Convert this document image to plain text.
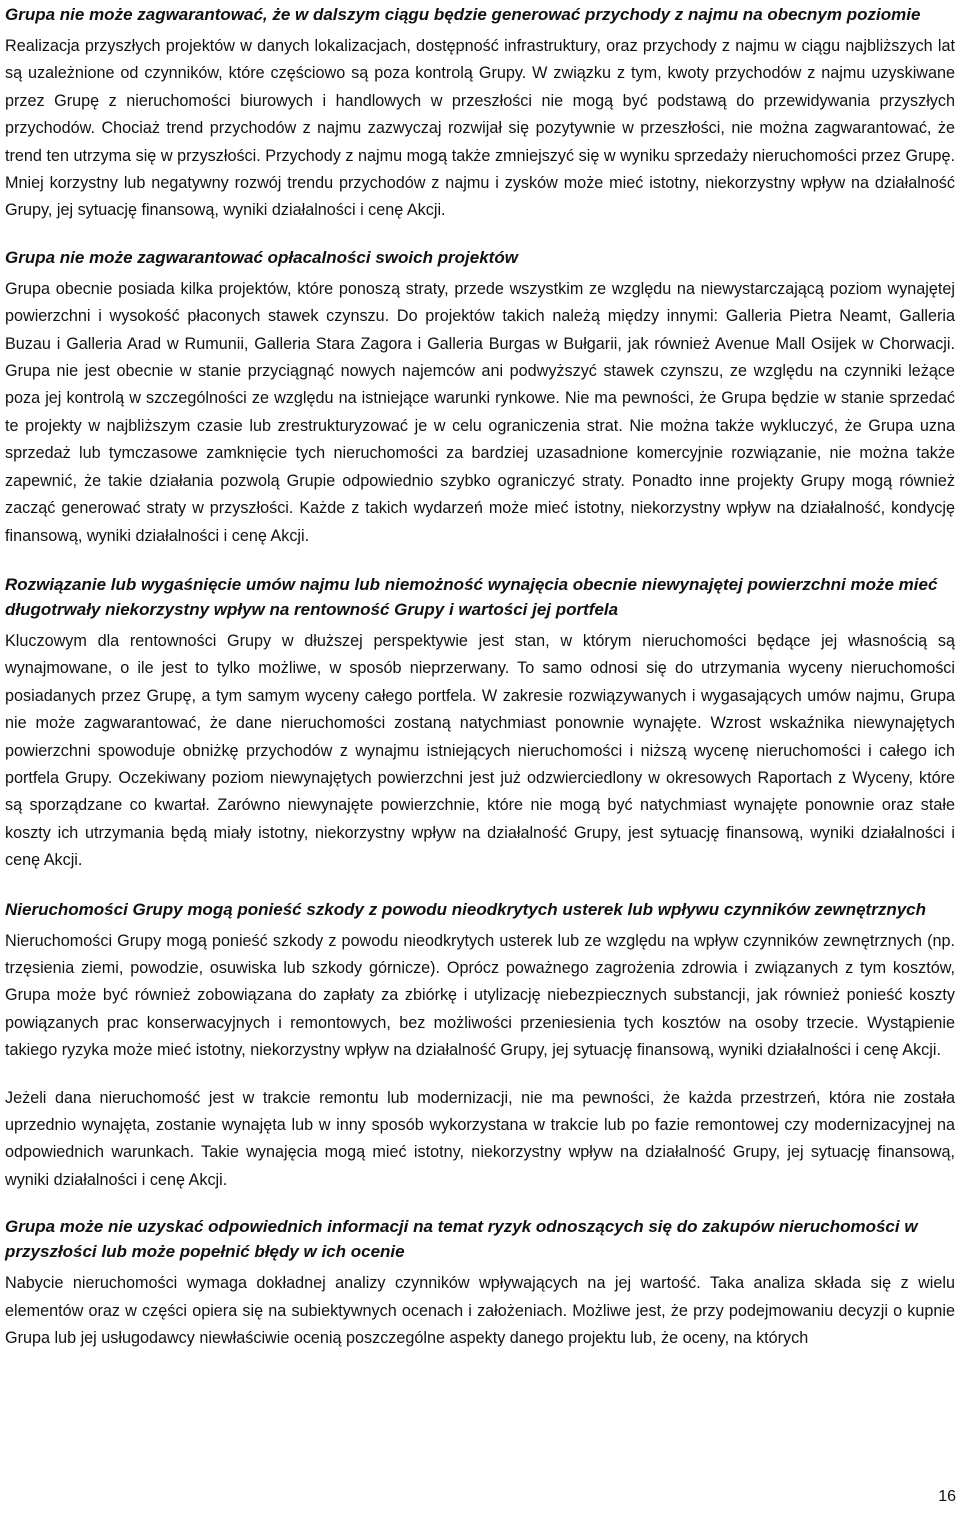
Grupa nie może zagwarantować, że w dalszym ciągu będzie generować przychody z najmu na obecnym poziomie

Realizacja przyszłych projektów w danych lokalizacjach, dostępność infrastruktury, oraz przychody z najmu w ciągu najbliższych lat są uzależnione od czynników, które częściowo są poza kontrolą Grupy. W związku z tym, kwoty przychodów z najmu uzyskiwane przez Grupę z nieruchomości biurowych i handlowych w przeszłości nie mogą być podstawą do przewidywania przyszłych przychodów. Chociaż trend przychodów z najmu zazwyczaj rozwijał się pozytywnie w przeszłości, nie można zagwarantować, że trend ten utrzyma się w przyszłości. Przychody z najmu mogą także zmniejszyć się w wyniku sprzedaży nieruchomości przez Grupę. Mniej korzystny lub negatywny rozwój trendu przychodów z najmu i zysków może mieć istotny, niekorzystny wpływ na działalność Grupy, jej sytuację finansową, wyniki działalności i cenę Akcji.

Grupa nie może zagwarantować opłacalności swoich projektów

Grupa obecnie posiada kilka projektów, które ponoszą straty, przede wszystkim ze względu na niewystarczającą poziom wynajętej powierzchni i wysokość płaconych stawek czynszu. Do projektów takich należą między innymi: Galleria Pietra Neamt, Galleria Buzau i Galleria Arad w Rumunii, Galleria Stara Zagora i Galleria Burgas w Bułgarii, jak również Avenue Mall Osijek w Chorwacji. Grupa nie jest obecnie w stanie przyciągnąć nowych najemców ani podwyższyć stawek czynszu, ze względu na czynniki leżące poza jej kontrolą w szczególności ze względu na istniejące warunki rynkowe. Nie ma pewności, że Grupa będzie w stanie sprzedać te projekty w najbliższym czasie lub zrestrukturyzować je w celu ograniczenia strat. Nie można także wykluczyć, że Grupa uzna sprzedaż lub tymczasowe zamknięcie tych nieruchomości za bardziej uzasadnione komercyjnie rozwiązanie, nie można także zapewnić, że takie działania pozwolą Grupie odpowiednio szybko ograniczyć straty. Ponadto inne projekty Grupy mogą również zacząć generować straty w przyszłości. Każde z takich wydarzeń może mieć istotny, niekorzystny wpływ na działalność, kondycję finansową, wyniki działalności i cenę Akcji.

Rozwiązanie lub wygaśnięcie umów najmu lub niemożność wynajęcia obecnie niewynajętej powierzchni może mieć długotrwały niekorzystny wpływ na rentowność Grupy i wartości jej portfela

Kluczowym dla rentowności Grupy w dłuższej perspektywie jest stan, w którym nieruchomości będące jej własnością są wynajmowane, o ile jest to tylko możliwe, w sposób nieprzerwany. To samo odnosi się do utrzymania wyceny nieruchomości posiadanych przez Grupę, a tym samym wyceny całego portfela. W zakresie rozwiązywanych i wygasających umów najmu, Grupa nie może zagwarantować, że dane nieruchomości zostaną natychmiast ponownie wynajęte. Wzrost wskaźnika niewynajętych powierzchni spowoduje obniżkę przychodów z wynajmu istniejących nieruchomości i niższą wycenę nieruchomości i całego ich portfela Grupy. Oczekiwany poziom niewynajętych powierzchni jest już odzwierciedlony w okresowych Raportach z Wyceny, które są sporządzane co kwartał. Zarówno niewynajęte powierzchnie, które nie mogą być natychmiast wynajęte ponownie oraz stałe koszty ich utrzymania będą miały istotny, niekorzystny wpływ na działalność Grupy, jest sytuację finansową, wyniki działalności i cenę Akcji.

Nieruchomości Grupy mogą ponieść szkody z powodu nieodkrytych usterek lub wpływu czynników zewnętrznych

Nieruchomości Grupy mogą ponieść szkody z powodu nieodkrytych usterek lub ze względu na wpływ czynników zewnętrznych (np. trzęsienia ziemi, powodzie, osuwiska lub szkody górnicze). Oprócz poważnego zagrożenia zdrowia i związanych z tym kosztów, Grupa może być również zobowiązana do zapłaty za zbiórkę i utylizację niebezpiecznych substancji, jak również ponieść koszty powiązanych prac konserwacyjnych i remontowych, bez możliwości przeniesienia tych kosztów na osoby trzecie. Wystąpienie takiego ryzyka może mieć istotny, niekorzystny wpływ na działalność Grupy, jej sytuację finansową, wyniki działalności i cenę Akcji.

Jeżeli dana nieruchomość jest w trakcie remontu lub modernizacji, nie ma pewności, że każda przestrzeń, która nie została uprzednio wynajęta, zostanie wynajęta lub w inny sposób wykorzystana w trakcie lub po fazie remontowej czy modernizacyjnej na odpowiednich warunkach. Takie wynajęcia mogą mieć istotny, niekorzystny wpływ na działalność Grupy, jej sytuację finansową, wyniki działalności i cenę Akcji.

Grupa może nie uzyskać odpowiednich informacji na temat ryzyk odnoszących się do zakupów nieruchomości w przyszłości lub może popełnić błędy w ich ocenie

Nabycie nieruchomości wymaga dokładnej analizy czynników wpływających na jej wartość. Taka analiza składa się z wielu elementów oraz w części opiera się na subiektywnych ocenach i założeniach. Możliwe jest, że przy podejmowaniu decyzji o kupnie Grupa lub jej usługodawcy niewłaściwie ocenią poszczególne aspekty danego projektu lub, że oceny, na których

16
